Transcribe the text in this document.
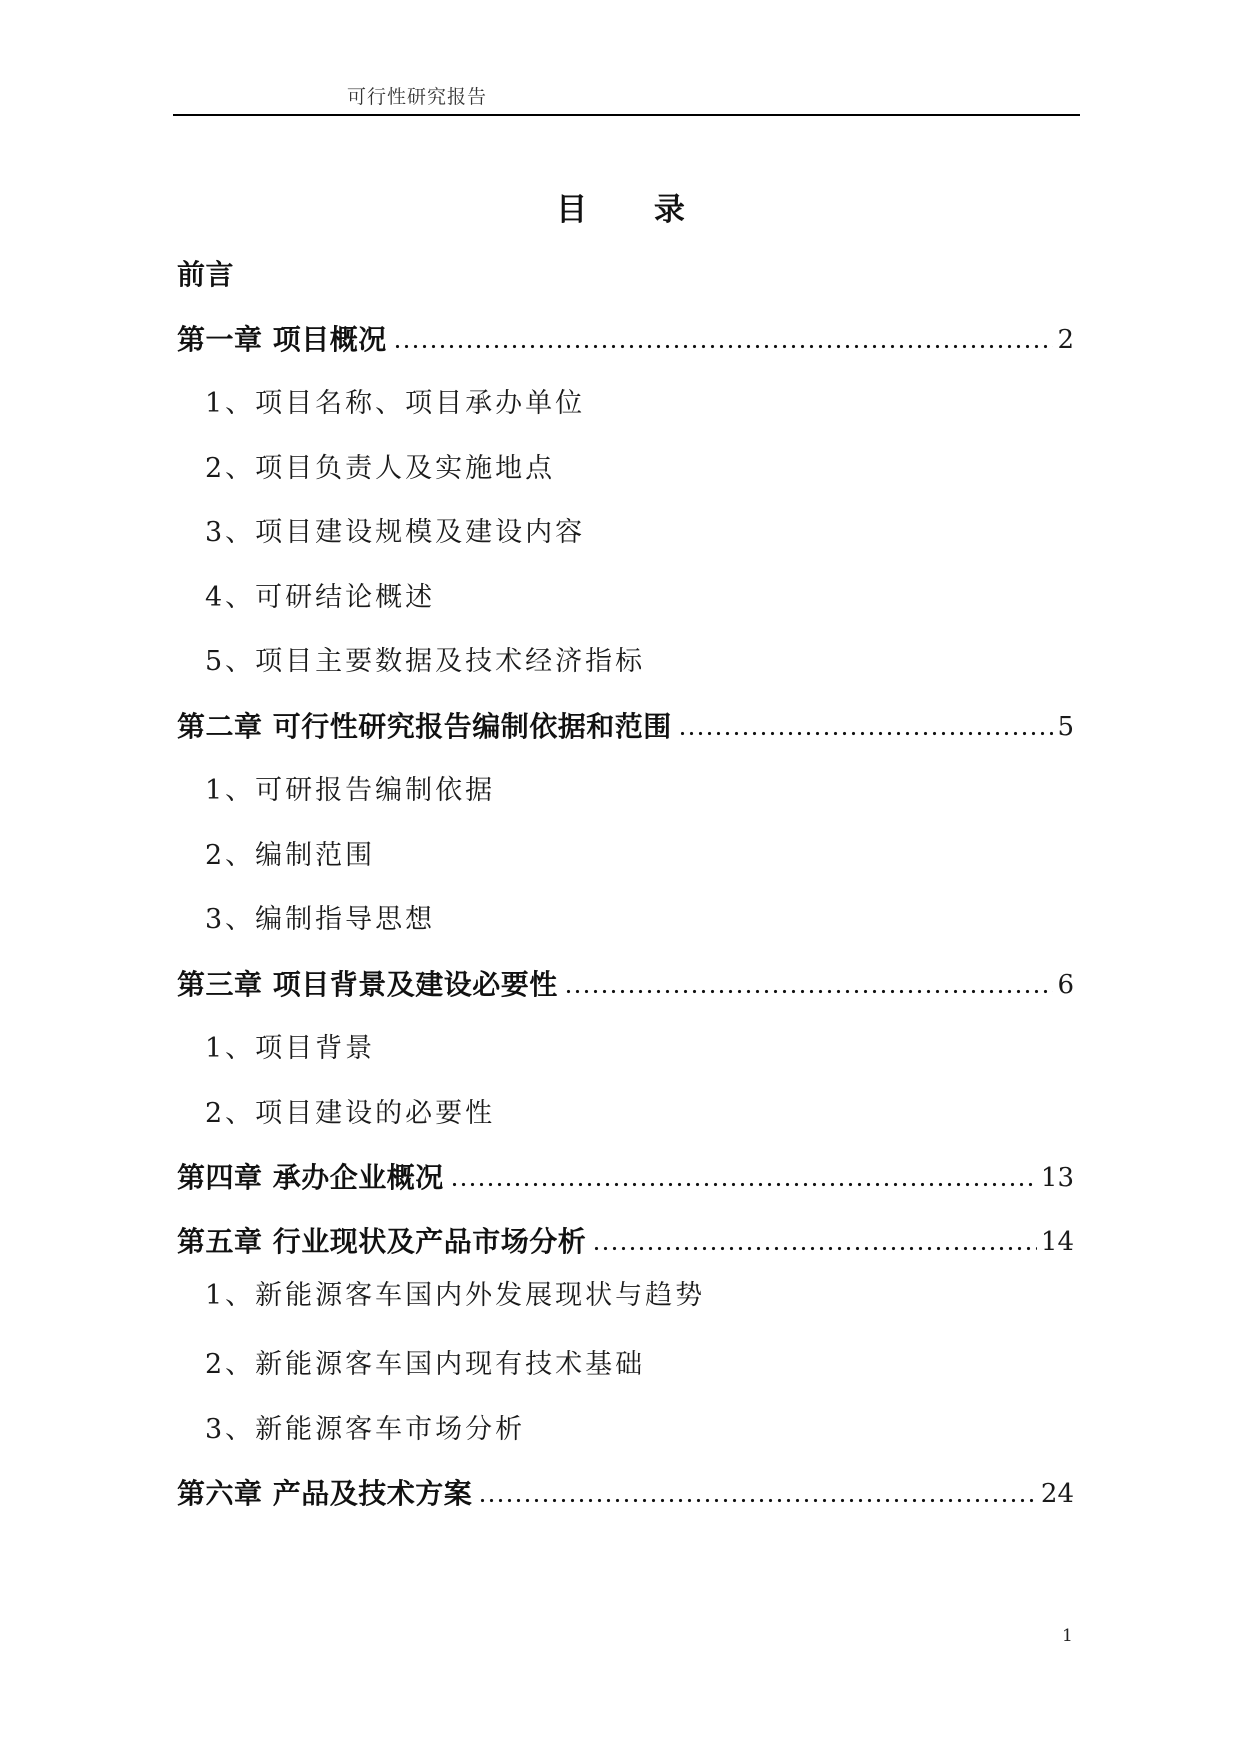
可行性研究报告
目 录
前言
第一章 项目概况	2
1、项目名称、项目承办单位
2、项目负责人及实施地点
3、项目建设规模及建设内容
4、可研结论概述
5、项目主要数据及技术经济指标
第二章 可行性研究报告编制依据和范围	5
1、可研报告编制依据
2、编制范围
3、编制指导思想
第三章 项目背景及建设必要性	6
1、项目背景
2、项目建设的必要性
第四章 承办企业概况	13
第五章 行业现状及产品市场分析	14
1、新能源客车国内外发展现状与趋势
2、新能源客车国内现有技术基础
3、新能源客车市场分析
第六章 产品及技术方案	24
1
